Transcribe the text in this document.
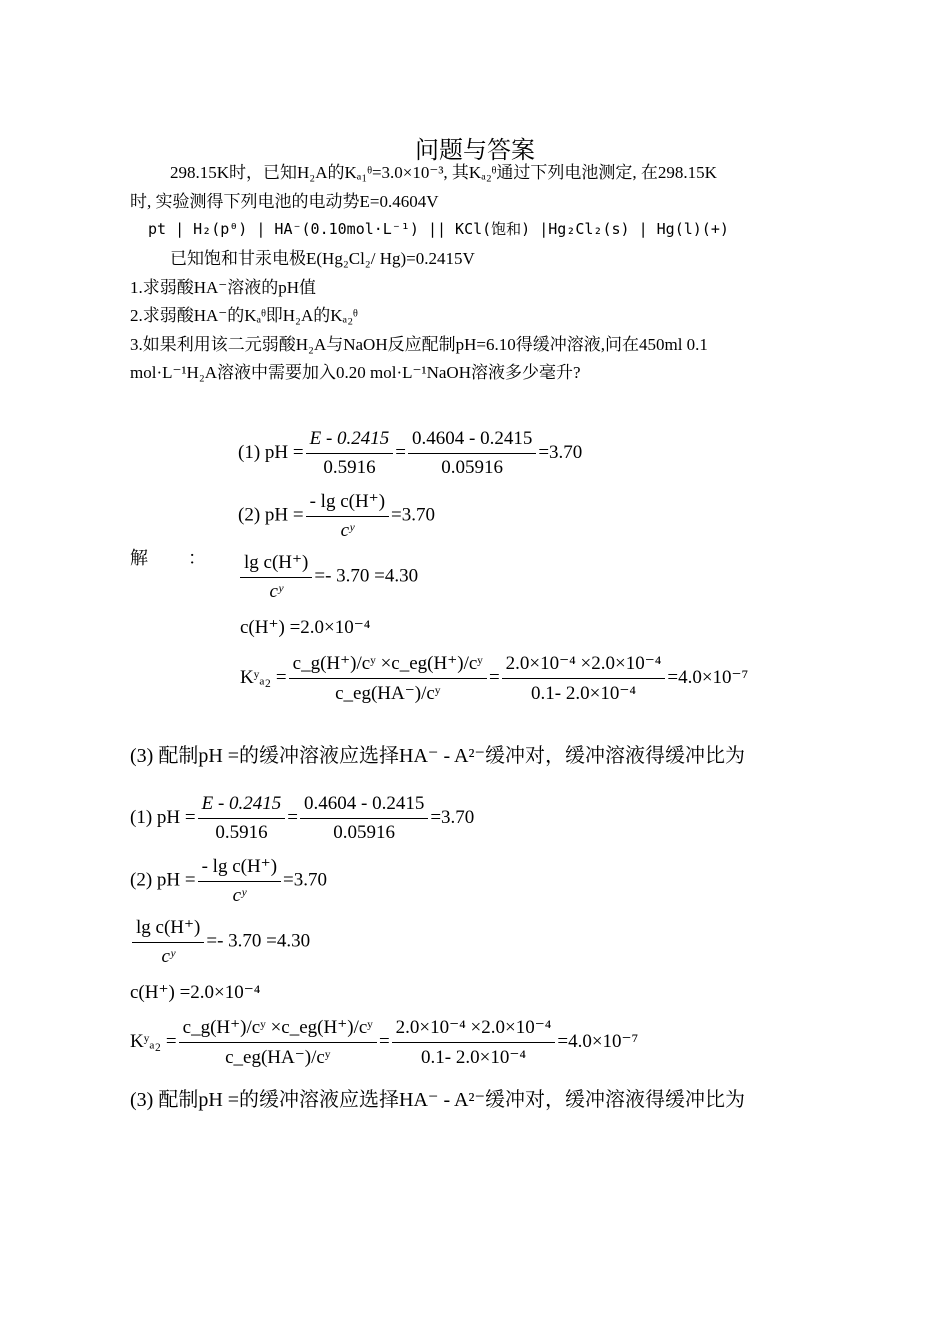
问题与答案
298.15K时，已知H₂A的Kₐ₁ᶿ=3.0×10⁻³, 其Kₐ₂ᶿ通过下列电池测定, 在298.15K
时, 实验测得下列电池的电动势E=0.4604V
pt | H₂(pᶿ) | HA⁻(0.10mol·L⁻¹) || KCl(饱和) |Hg₂Cl₂(s) | Hg(l)(+)
已知饱和甘汞电极E(Hg₂Cl₂/ Hg)=0.2415V
1.求弱酸HA⁻溶液的pH值
2.求弱酸HA⁻的Kₐᶿ即H₂A的Kₐ₂ᶿ
3.如果利用该二元弱酸H₂A与NaOH反应配制pH=6.10得缓冲溶液,问在450ml 0.1
mol·L⁻¹H₂A溶液中需要加入0.20 mol·L⁻¹NaOH溶液多少毫升?
(1) pH = $\frac{E - 0.2415}{0.5916} = \frac{0.4604 - 0.2415}{0.05916} =3.70$
(2) pH = $\frac{\text{- lg c(H⁺)}}{\text{cʸ}} =3.70$
解 ： $\frac{\text{lg c(H⁺)}}{\text{cʸ}} =- 3.70 =4.30$
c(H⁺) =2.0×10⁻⁴
Kʸₐ₂ = $\frac{\text{c\_g(H⁺)/cʸ ×c\_eg(H⁺)/cʸ}}{\text{c\_eg(HA⁻)/cʸ}} = \frac{\text{2.0×10⁻⁴ ×2.0×10⁻⁴}}{\text{0.1- 2.0×10⁻⁴}} =4.0\times 10^{-7}$
(3) 配制pH =的缓冲溶液应选择HA⁻ - A²⁻缓冲对，缓冲溶液得缓冲比为
(1) pH = $\frac{E - 0.2415}{0.5916} = \frac{0.4604 - 0.2415}{0.05916} =3.70$
(2) pH = $\frac{\text{- lg c(H⁺)}}{\text{cʸ}} =3.70$
$\frac{\text{lg c(H⁺)}}{\text{cʸ}} =- 3.70 =4.30$
c(H⁺) =2.0×10⁻⁴
Kʸₐ₂ = $\frac{\text{c\_g(H⁺)/cʸ ×c\_eg(H⁺)/cʸ}}{\text{c\_eg(HA⁻)/cʸ}} = \frac{\text{2.0×10⁻⁴ ×2.0×10⁻⁴}}{\text{0.1- 2.0×10⁻⁴}} =4.0\times 10^{-7}$
(3) 配制pH =的缓冲溶液应选择HA⁻ - A²⁻缓冲对，缓冲溶液得缓冲比为
